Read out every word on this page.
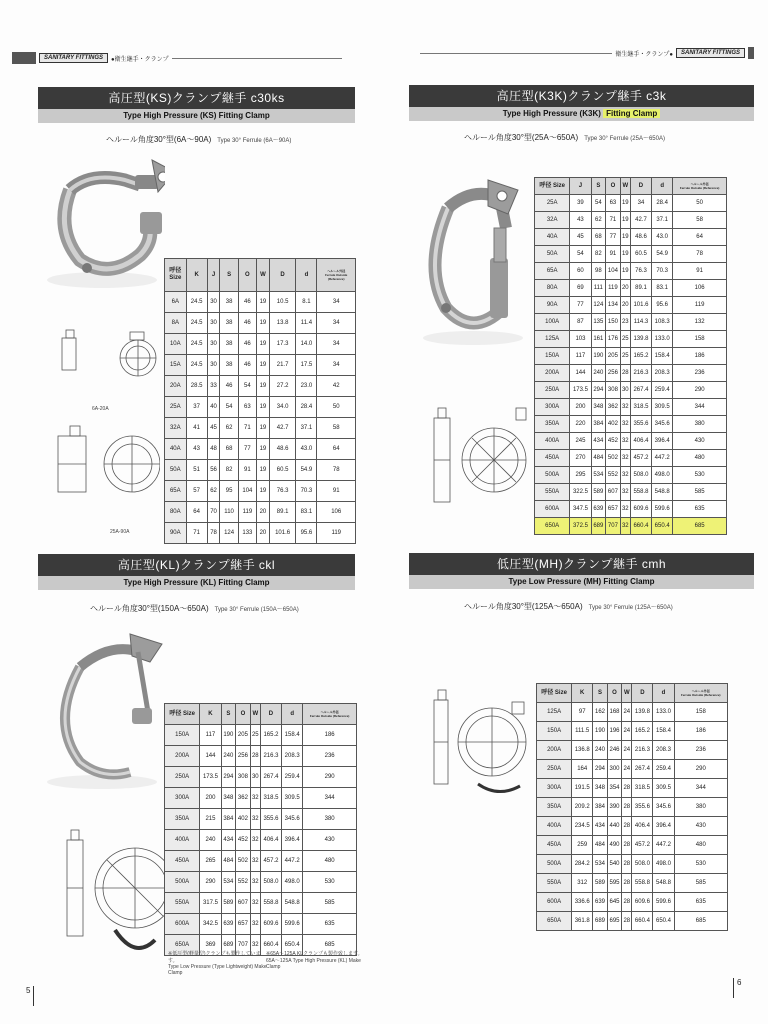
SANITARY FITTINGS	●衛生継手・クランプ
衛生継手・クランプ●	SANITARY FITTINGS
高圧型(KS)クランプ継手 c30ks
Type High Pressure (KS) Fitting Clamp
ヘルール角度30°型(6A〜90A) Type 30° Ferrule (6A〜90A)
6A-20A
25A-90A
呼径
Size	K	J	S	O	W	D	d	ヘルール外径
Ferrule Outside
(Reference)
6A	24.5	30	38	46	19	10.5	8.1	34
8A	24.5	30	38	46	19	13.8	11.4	34
10A	24.5	30	38	46	19	17.3	14.0	34
15A	24.5	30	38	46	19	21.7	17.5	34
20A	28.5	33	46	54	19	27.2	23.0	42
25A	37	40	54	63	19	34.0	28.4	50
32A	41	45	62	71	19	42.7	37.1	58
40A	43	48	68	77	19	48.6	43.0	64
50A	51	56	82	91	19	60.5	54.9	78
65A	57	62	95	104	19	76.3	70.3	91
80A	64	70	110	119	20	89.1	83.1	106
90A	71	78	124	133	20	101.6	95.6	119
高圧型(K3K)クランプ継手 c3k
Type High Pressure (K3K) Fitting Clamp
ヘルール角度30°型(25A〜650A) Type 30° Ferrule (25A〜650A)
呼径 Size	J	S	O	W	D	d	ヘルール外径
Ferrule Outside (Reference)
25A	39	54	63	19	34	28.4	50
32A	43	62	71	19	42.7	37.1	58
40A	45	68	77	19	48.6	43.0	64
50A	54	82	91	19	60.5	54.9	78
65A	60	98	104	19	76.3	70.3	91
80A	69	111	119	20	89.1	83.1	106
90A	77	124	134	20	101.6	95.6	119
100A	87	135	150	23	114.3	108.3	132
125A	103	161	176	25	139.8	133.0	158
150A	117	190	205	25	165.2	158.4	186
200A	144	240	256	28	216.3	208.3	236
250A	173.5	294	308	30	267.4	259.4	290
300A	200	348	362	32	318.5	309.5	344
350A	220	384	402	32	355.6	345.6	380
400A	245	434	452	32	406.4	396.4	430
450A	270	484	502	32	457.2	447.2	480
500A	295	534	552	32	508.0	498.0	530
550A	322.5	589	607	32	558.8	548.8	585
600A	347.5	639	657	32	609.6	599.6	635
650A	372.5	689	707	32	660.4	650.4	685
高圧型(KL)クランプ継手 ckl
Type High Pressure (KL) Fitting Clamp
ヘルール角度30°型(150A〜650A) Type 30° Ferrule (150A〜650A)
呼径 Size	K	S	O	W	D	d	ヘルール外径
Ferrule Outside (Reference)
150A	117	190	205	25	165.2	158.4	186
200A	144	240	256	28	216.3	208.3	236
250A	173.5	294	308	30	267.4	259.4	290
300A	200	348	362	32	318.5	309.5	344
350A	215	384	402	32	355.6	345.6	380
400A	240	434	452	32	406.4	396.4	430
450A	265	484	502	32	457.2	447.2	480
500A	290	534	552	32	508.0	498.0	530
550A	317.5	589	607	32	558.8	548.8	585
600A	342.5	639	657	32	609.6	599.6	635
650A	369	689	707	32	660.4	650.4	685
※低圧型(軽量型)クランプも製作しています。
Type Low Pressure (Type Lightweight) Make Clamp
※65A〜125A KLクランプも製作致します。
65A〜125A Type High Pressure (KL) Make Clamp
低圧型(MH)クランプ継手 cmh
Type Low Pressure (MH) Fitting Clamp
ヘルール角度30°型(125A〜650A) Type 30° Ferrule (125A〜650A)
呼径 Size	K	S	O	W	D	d	ヘルール外径
Ferrule Outside (Reference)
125A	97	162	168	24	139.8	133.0	158
150A	111.5	190	196	24	165.2	158.4	186
200A	136.8	240	246	24	216.3	208.3	236
250A	164	294	300	24	267.4	259.4	290
300A	191.5	348	354	28	318.5	309.5	344
350A	209.2	384	390	28	355.6	345.6	380
400A	234.5	434	440	28	406.4	396.4	430
450A	259	484	490	28	457.2	447.2	480
500A	284.2	534	540	28	508.0	498.0	530
550A	312	589	595	28	558.8	548.8	585
600A	336.6	639	645	28	609.6	599.6	635
650A	361.8	689	695	28	660.4	650.4	685
5
6
